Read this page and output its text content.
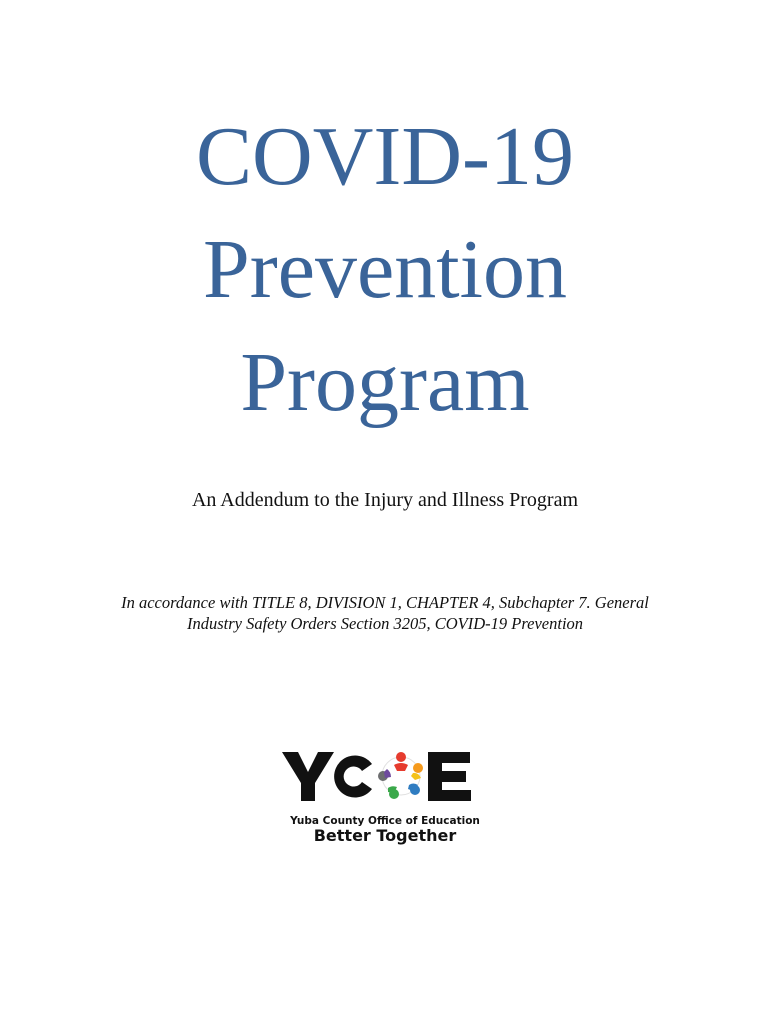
COVID-19
Prevention
Program

An Addendum to the Injury and Illness Program

In accordance with TITLE 8, DIVISION 1, CHAPTER 4, Subchapter 7. General
Industry Safety Orders Section 3205, COVID-19 Prevention

Yuba County Office of Education

Better Together
